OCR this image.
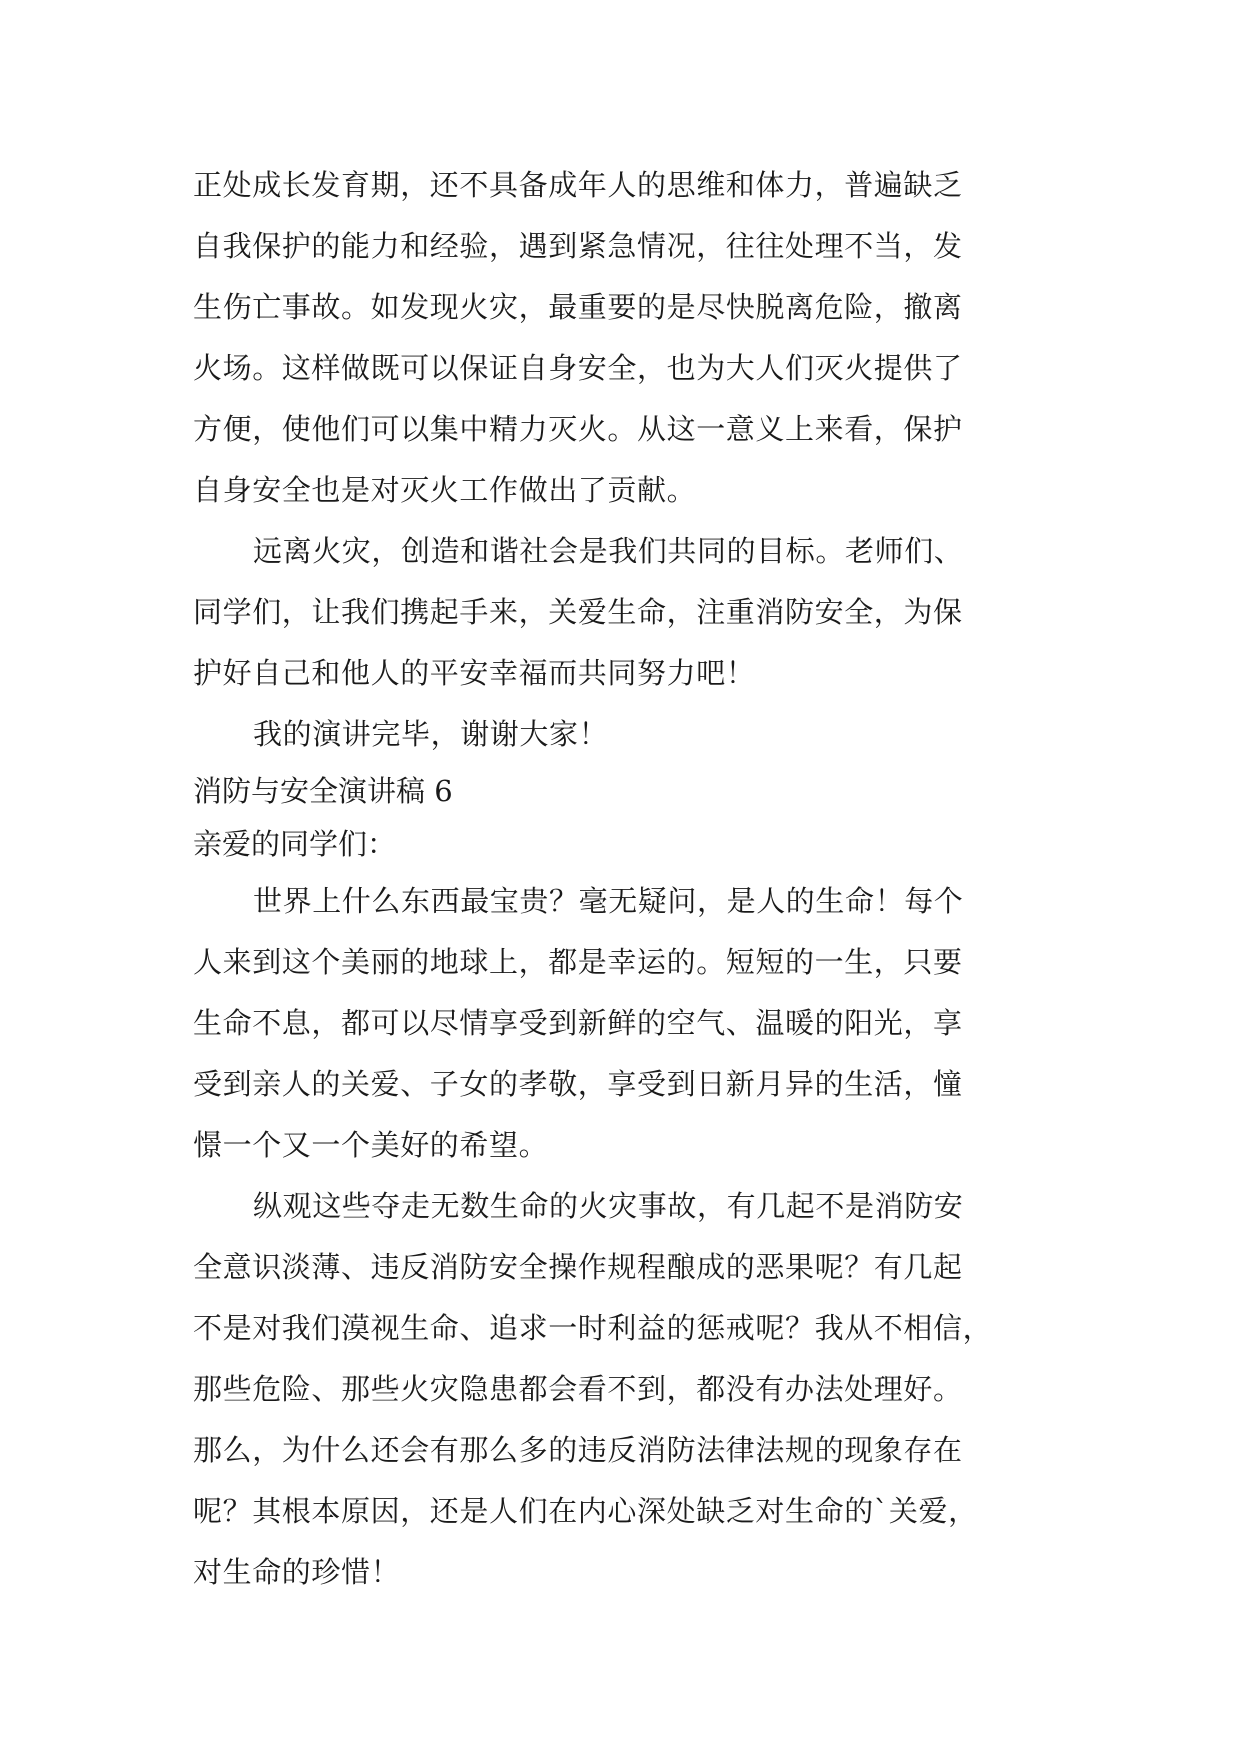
正处成长发育期，还不具备成年人的思维和体力，普遍缺乏
自我保护的能力和经验，遇到紧急情况，往往处理不当，发
生伤亡事故。如发现火灾，最重要的是尽快脱离危险，撤离
火场。这样做既可以保证自身安全，也为大人们灭火提供了
方便，使他们可以集中精力灭火。从这一意义上来看，保护
自身安全也是对灭火工作做出了贡献。
远离火灾，创造和谐社会是我们共同的目标。老师们、
同学们，让我们携起手来，关爱生命，注重消防安全，为保
护好自己和他人的平安幸福而共同努力吧！
我的演讲完毕，谢谢大家！
消防与安全演讲稿 6
亲爱的同学们：
世界上什么东西最宝贵？毫无疑问，是人的生命！每个
人来到这个美丽的地球上，都是幸运的。短短的一生，只要
生命不息，都可以尽情享受到新鲜的空气、温暖的阳光，享
受到亲人的关爱、子女的孝敬，享受到日新月异的生活，憧
憬一个又一个美好的希望。
纵观这些夺走无数生命的火灾事故，有几起不是消防安
全意识淡薄、违反消防安全操作规程酿成的恶果呢？有几起
不是对我们漠视生命、追求一时利益的惩戒呢？我从不相信，
那些危险、那些火灾隐患都会看不到，都没有办法处理好。
那么，为什么还会有那么多的违反消防法律法规的现象存在
呢？其根本原因，还是人们在内心深处缺乏对生命的`关爱，
对生命的珍惜！
